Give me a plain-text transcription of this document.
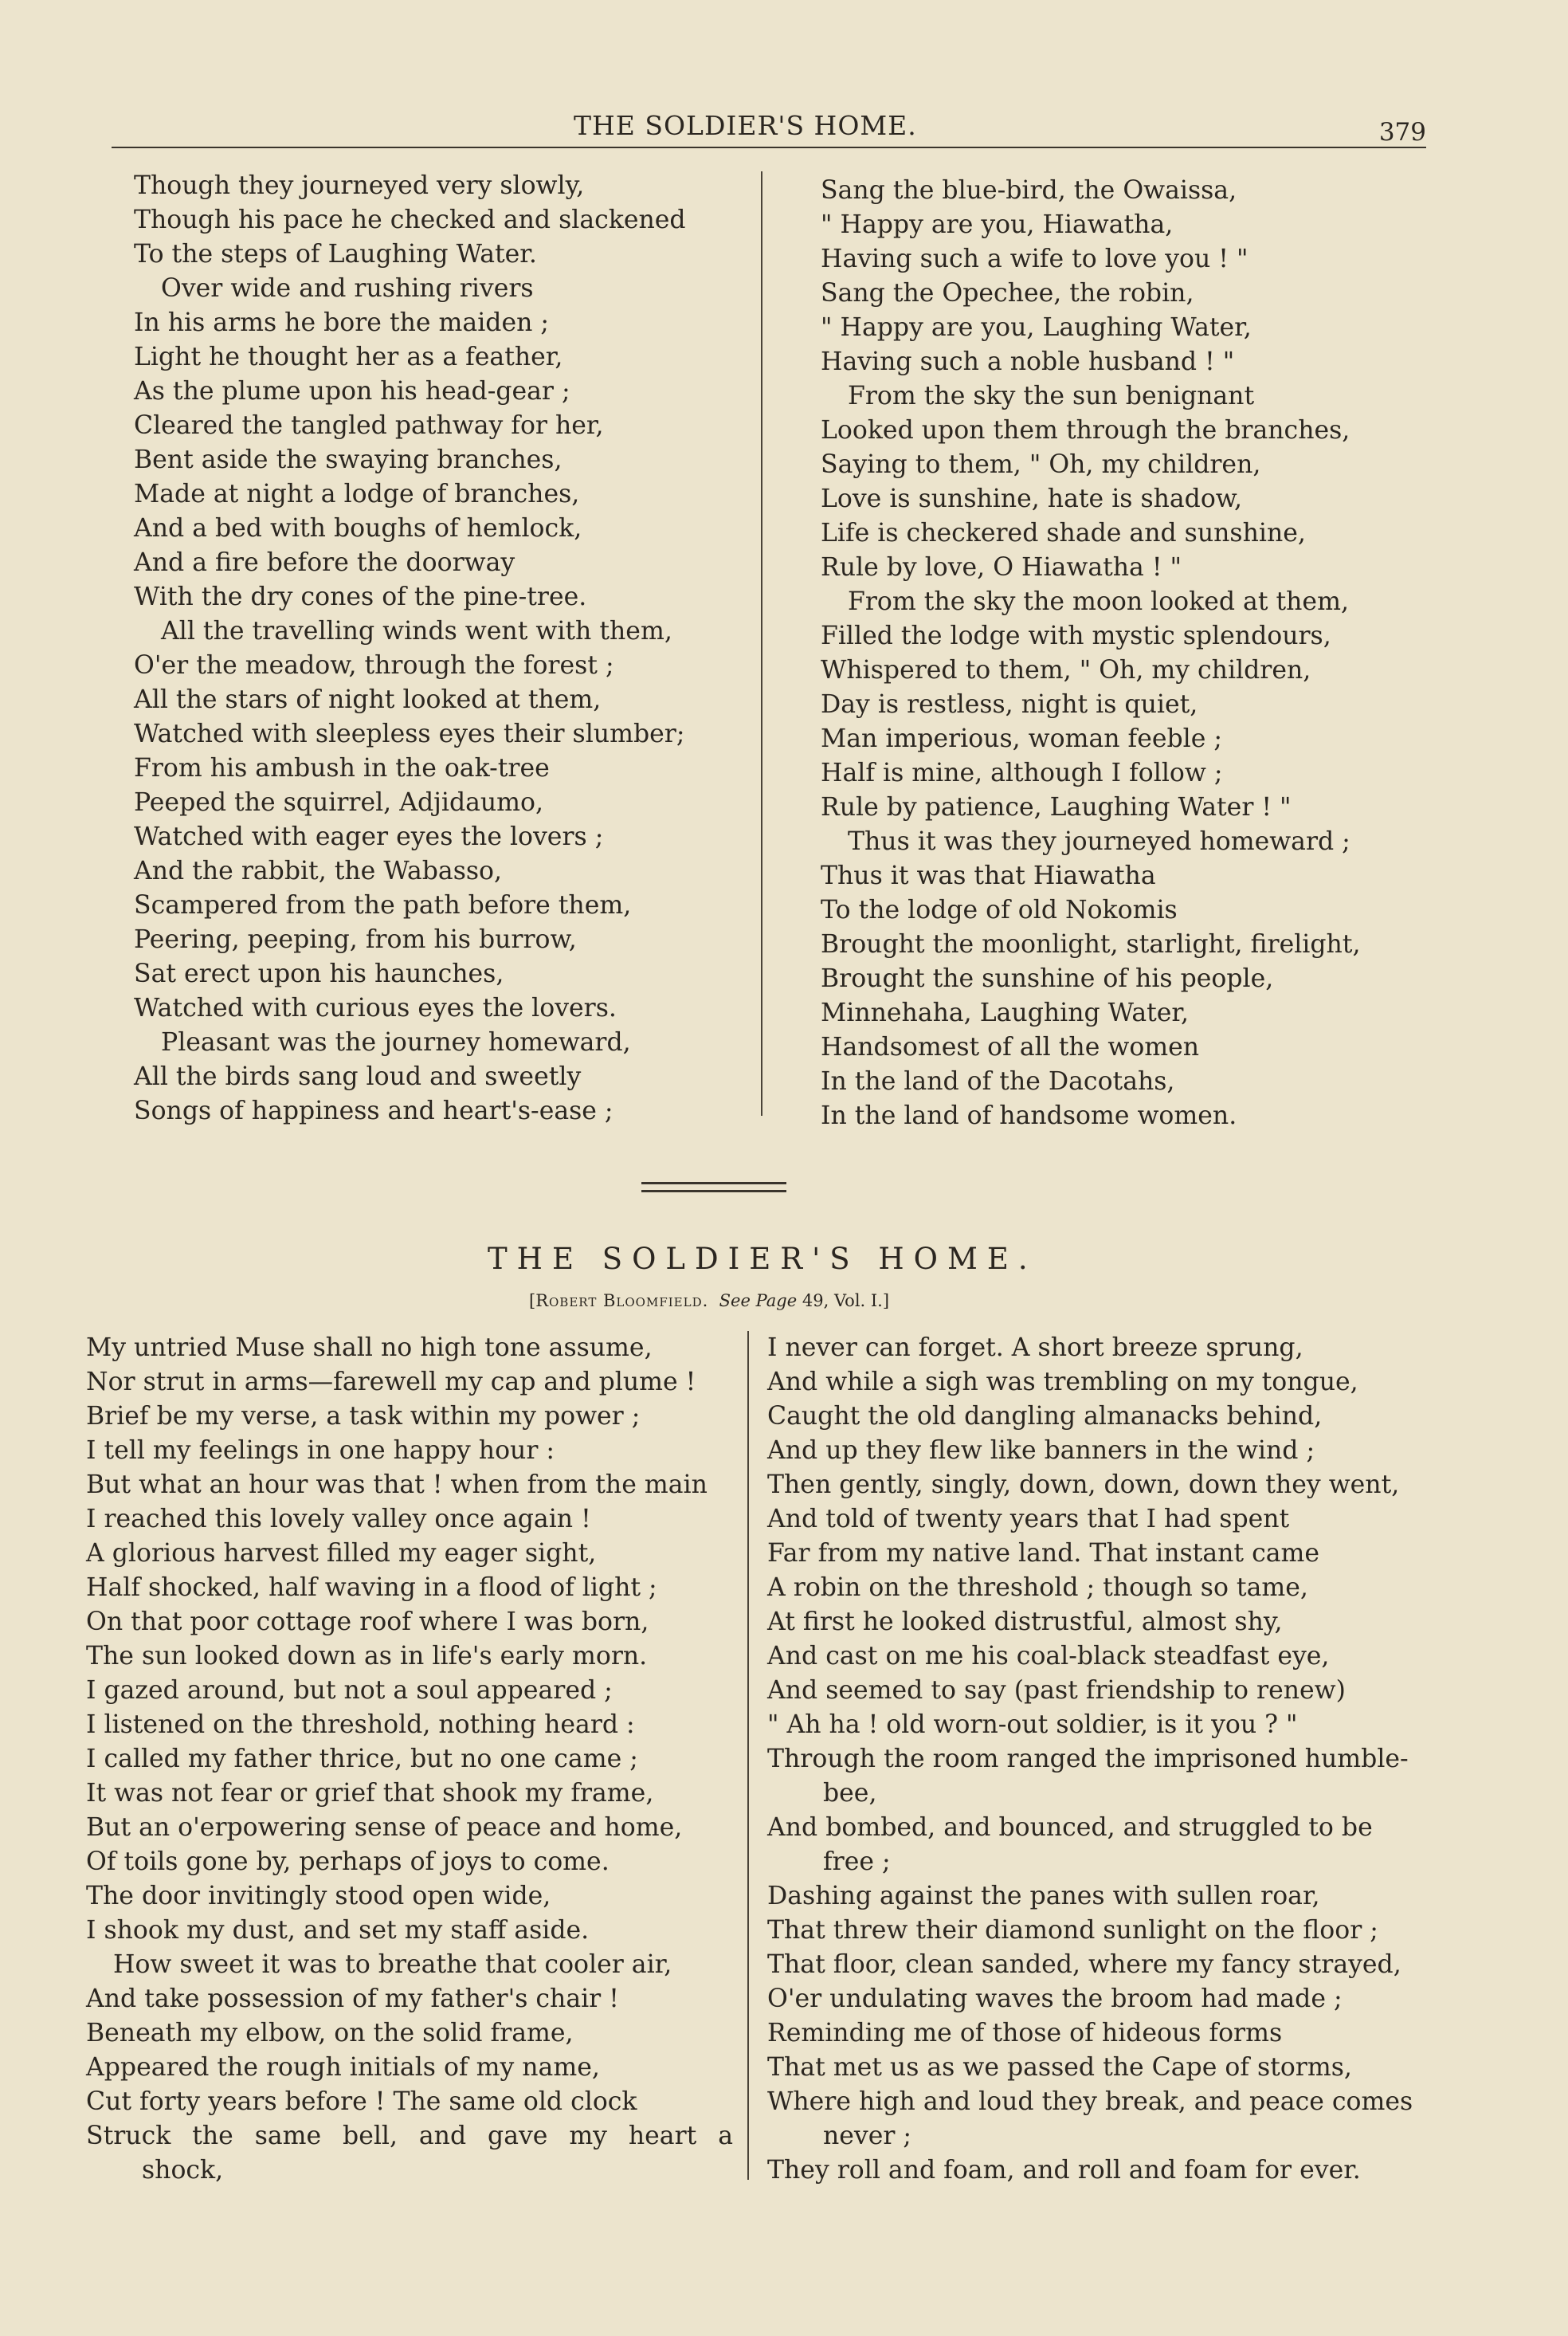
THE SOLDIER'S HOME.	379
Though they journeyed very slowly,
Though his pace he checked and slackened
To the steps of Laughing Water.
Over wide and rushing rivers
In his arms he bore the maiden ;
Light he thought her as a feather,
As the plume upon his head-gear ;
Cleared the tangled pathway for her,
Bent aside the swaying branches,
Made at night a lodge of branches,
And a bed with boughs of hemlock,
And a fire before the doorway
With the dry cones of the pine-tree.
All the travelling winds went with them,
O'er the meadow, through the forest ;
All the stars of night looked at them,
Watched with sleepless eyes their slumber;
From his ambush in the oak-tree
Peeped the squirrel, Adjidaumo,
Watched with eager eyes the lovers ;
And the rabbit, the Wabasso,
Scampered from the path before them,
Peering, peeping, from his burrow,
Sat erect upon his haunches,
Watched with curious eyes the lovers.
Pleasant was the journey homeward,
All the birds sang loud and sweetly
Songs of happiness and heart's-ease ;
Sang the blue-bird, the Owaissa,
" Happy are you, Hiawatha,
Having such a wife to love you ! "
Sang the Opechee, the robin,
" Happy are you, Laughing Water,
Having such a noble husband ! "
From the sky the sun benignant
Looked upon them through the branches,
Saying to them, " Oh, my children,
Love is sunshine, hate is shadow,
Life is checkered shade and sunshine,
Rule by love, O Hiawatha ! "
From the sky the moon looked at them,
Filled the lodge with mystic splendours,
Whispered to them, " Oh, my children,
Day is restless, night is quiet,
Man imperious, woman feeble ;
Half is mine, although I follow ;
Rule by patience, Laughing Water ! "
Thus it was they journeyed homeward ;
Thus it was that Hiawatha
To the lodge of old Nokomis
Brought the moonlight, starlight, firelight,
Brought the sunshine of his people,
Minnehaha, Laughing Water,
Handsomest of all the women
In the land of the Dacotahs,
In the land of handsome women.
THE SOLDIER'S HOME.
[Robert Bloomfield. See Page 49, Vol. I.]
My untried Muse shall no high tone assume,
Nor strut in arms—farewell my cap and plume !
Brief be my verse, a task within my power ;
I tell my feelings in one happy hour :
But what an hour was that ! when from the main
I reached this lovely valley once again !
A glorious harvest filled my eager sight,
Half shocked, half waving in a flood of light ;
On that poor cottage roof where I was born,
The sun looked down as in life's early morn.
I gazed around, but not a soul appeared ;
I listened on the threshold, nothing heard :
I called my father thrice, but no one came ;
It was not fear or grief that shook my frame,
But an o'erpowering sense of peace and home,
Of toils gone by, perhaps of joys to come.
The door invitingly stood open wide,
I shook my dust, and set my staff aside.
How sweet it was to breathe that cooler air,
And take possession of my father's chair !
Beneath my elbow, on the solid frame,
Appeared the rough initials of my name,
Cut forty years before ! The same old clock
Struck the same bell, and gave my heart a
shock,
I never can forget. A short breeze sprung,
And while a sigh was trembling on my tongue,
Caught the old dangling almanacks behind,
And up they flew like banners in the wind ;
Then gently, singly, down, down, down they went,
And told of twenty years that I had spent
Far from my native land. That instant came
A robin on the threshold ; though so tame,
At first he looked distrustful, almost shy,
And cast on me his coal-black steadfast eye,
And seemed to say (past friendship to renew)
" Ah ha ! old worn-out soldier, is it you ? "
Through the room ranged the imprisoned humble-
bee,
And bombed, and bounced, and struggled to be
free ;
Dashing against the panes with sullen roar,
That threw their diamond sunlight on the floor ;
That floor, clean sanded, where my fancy strayed,
O'er undulating waves the broom had made ;
Reminding me of those of hideous forms
That met us as we passed the Cape of storms,
Where high and loud they break, and peace comes
never ;
They roll and foam, and roll and foam for ever.
